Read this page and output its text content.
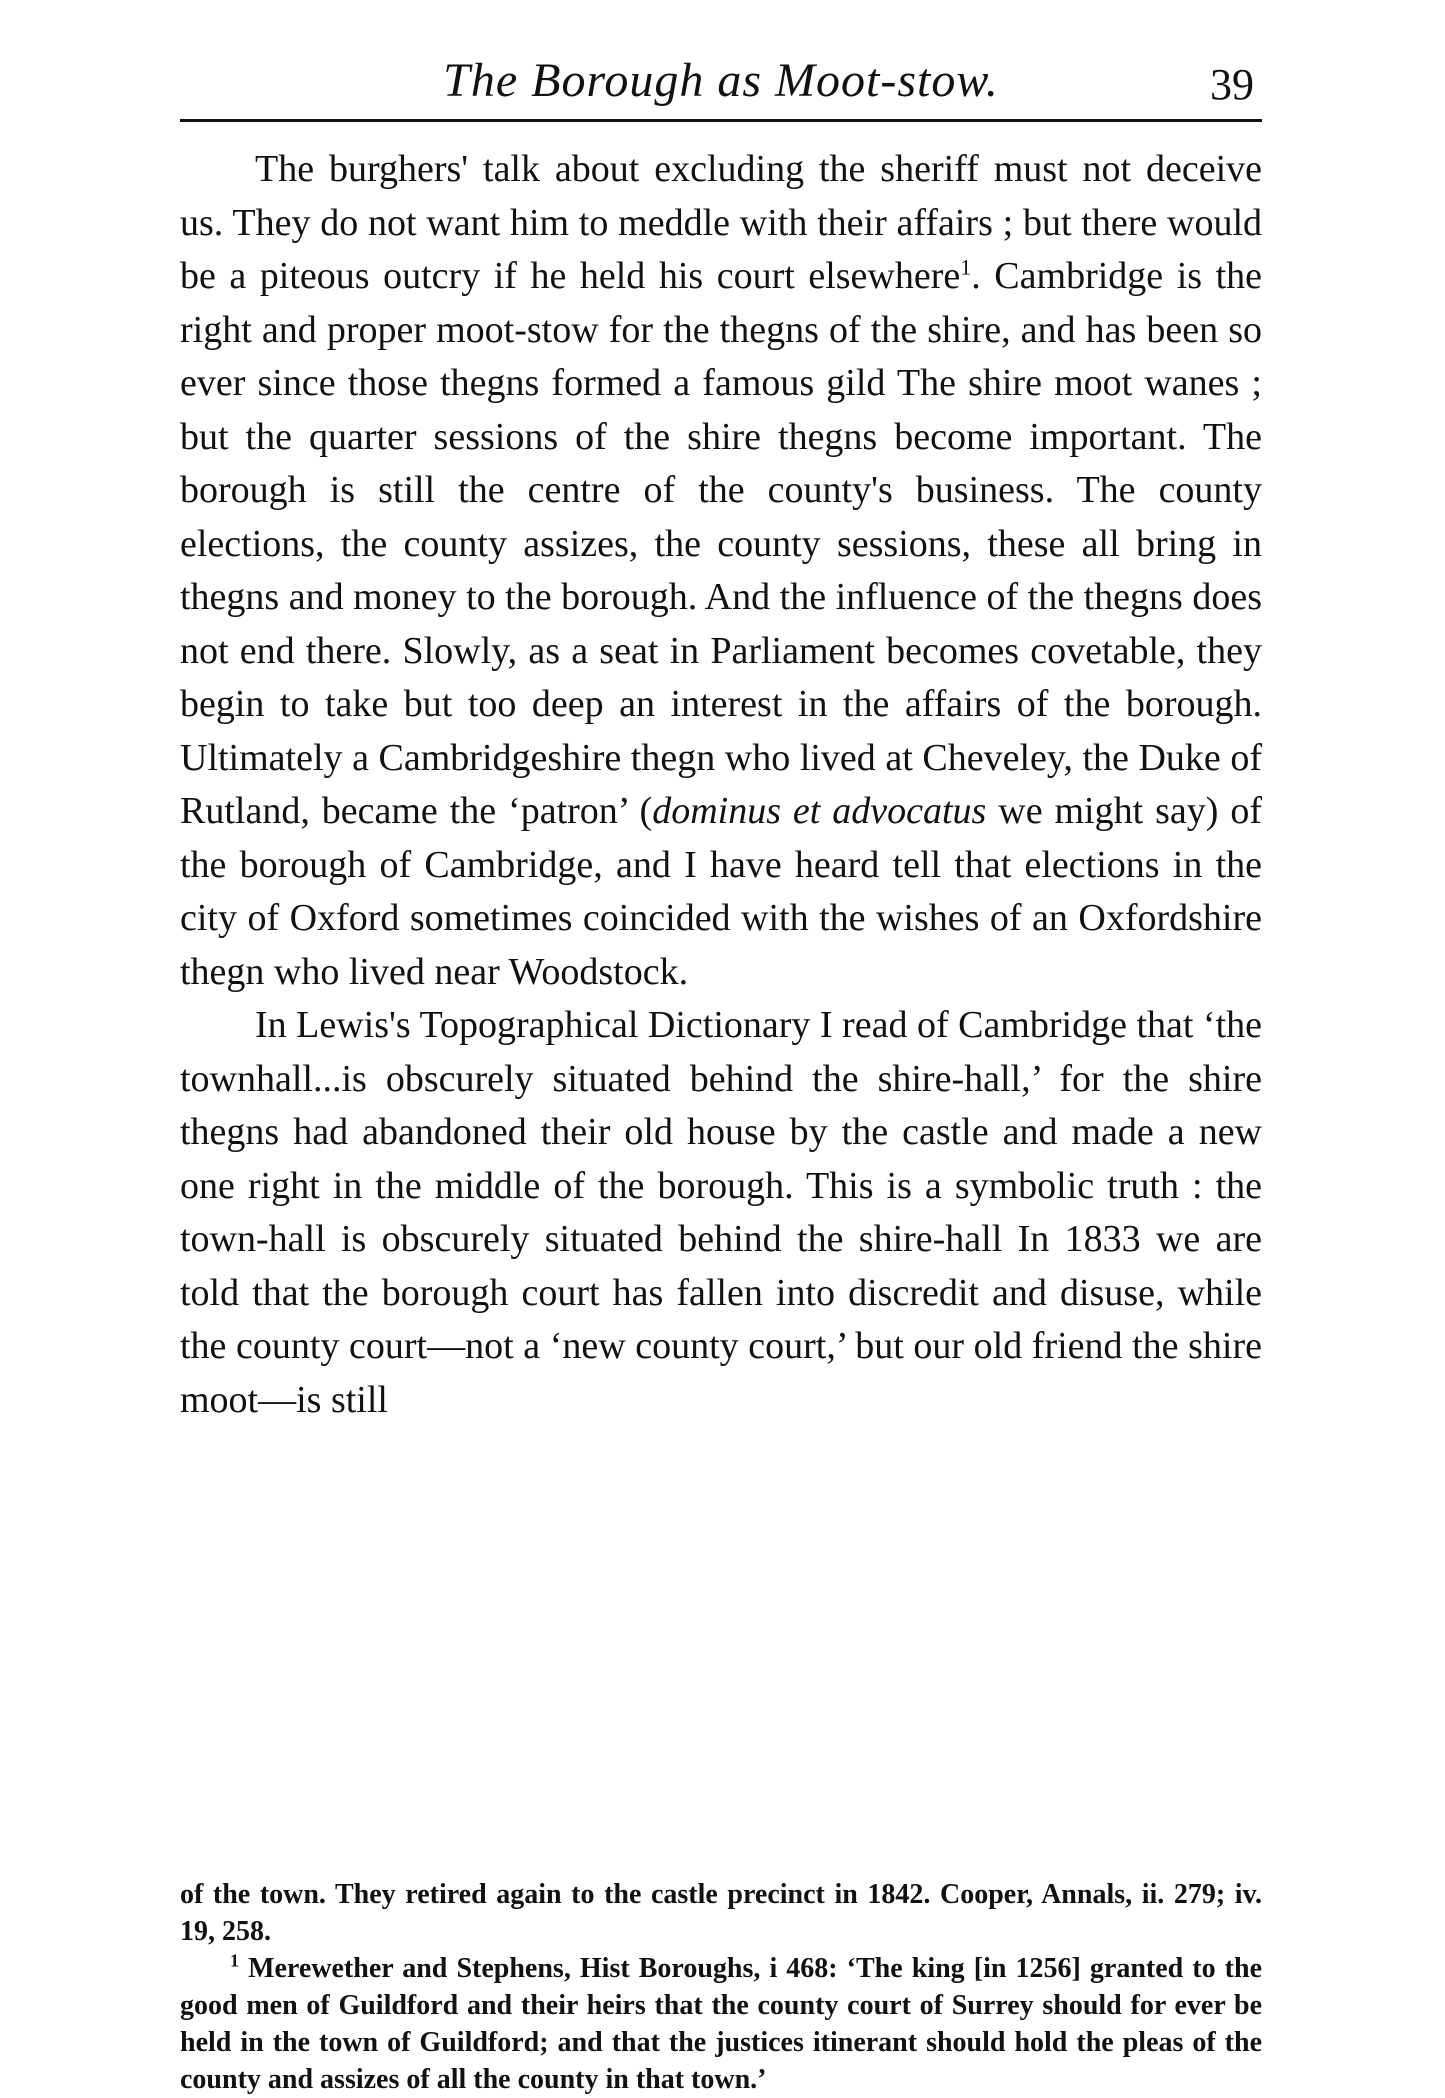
The Borough as Moot-stow.	39

The burghers' talk about excluding the sheriff must not deceive us. They do not want him to meddle with their affairs ; but there would be a piteous outcry if he held his court elsewhere$^1$. Cambridge is the right and proper moot-stow for the thegns of the shire, and has been so ever since those thegns formed a famous gild The shire moot wanes ; but the quarter sessions of the shire thegns become important. The borough is still the centre of the county's business. The county elections, the county assizes, the county sessions, these all bring in thegns and money to the borough. And the influence of the thegns does not end there. Slowly, as a seat in Parliament becomes covetable, they begin to take but too deep an interest in the affairs of the borough. Ultimately a Cambridgeshire thegn who lived at Cheveley, the Duke of Rutland, became the ‘patron’ (dominus et advocatus we might say) of the borough of Cambridge, and I have heard tell that elections in the city of Oxford sometimes coincided with the wishes of an Oxfordshire thegn who lived near Woodstock.

In Lewis's Topographical Dictionary I read of Cambridge that ‘the townhall...is obscurely situated behind the shire-hall,’ for the shire thegns had abandoned their old house by the castle and made a new one right in the middle of the borough. This is a symbolic truth : the town-hall is obscurely situated behind the shire-hall In 1833 we are told that the borough court has fallen into discredit and disuse, while the county court—not a ‘new county court,’ but our old friend the shire moot—is still

of the town. They retired again to the castle precinct in 1842. Cooper, Annals, ii. 279; iv. 19, 258.

$^1$ Merewether and Stephens, Hist Boroughs, i 468: ‘The king [in 1256] granted to the good men of Guildford and their heirs that the county court of Surrey should for ever be held in the town of Guildford; and that the justices itinerant should hold the pleas of the county and assizes of all the county in that town.’
